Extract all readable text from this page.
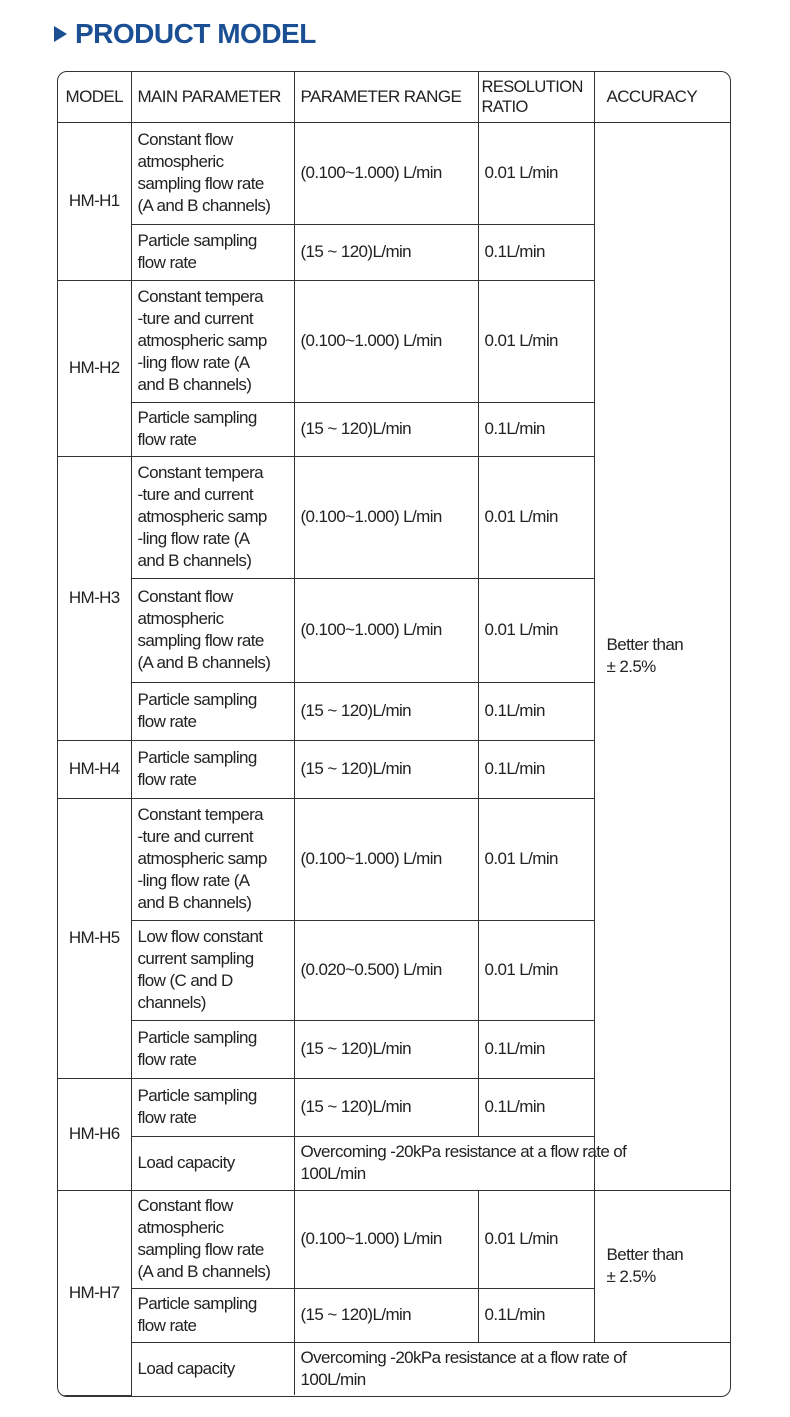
PRODUCT MODEL
MODEL	MAIN PARAMETER	PARAMETER RANGE	RESOLUTION
RATIO	ACCURACY
HM-H1	Constant flow
atmospheric
sampling flow rate
(A and B channels)	(0.100~1.000) L/min	0.01 L/min	Better than
± 2.5%
	Particle sampling
flow rate	(15 ~ 120)L/min	0.1L/min	
HM-H2	Constant tempera
-ture and current
atmospheric samp
-ling flow rate (A
and B channels)	(0.100~1.000) L/min	0.01 L/min	
	Particle sampling
flow rate	(15 ~ 120)L/min	0.1L/min	
HM-H3	Constant tempera
-ture and current
atmospheric samp
-ling flow rate (A
and B channels)	(0.100~1.000) L/min	0.01 L/min	
	Constant flow
atmospheric
sampling flow rate
(A and B channels)	(0.100~1.000) L/min	0.01 L/min	
	Particle sampling
flow rate	(15 ~ 120)L/min	0.1L/min	
HM-H4	Particle sampling
flow rate	(15 ~ 120)L/min	0.1L/min	
HM-H5	Constant tempera
-ture and current
atmospheric samp
-ling flow rate (A
and B channels)	(0.100~1.000) L/min	0.01 L/min	
	Low flow constant
current sampling
flow (C and D
channels)	(0.020~0.500) L/min	0.01 L/min	
	Particle sampling
flow rate	(15 ~ 120)L/min	0.1L/min	
HM-H6	Particle sampling
flow rate	(15 ~ 120)L/min	0.1L/min	
	Load capacity	Overcoming -20kPa resistance at a flow rate of
100L/min		
HM-H7	Constant flow
atmospheric
sampling flow rate
(A and B channels)	(0.100~1.000) L/min	0.01 L/min	Better than
± 2.5%
	Particle sampling
flow rate	(15 ~ 120)L/min	0.1L/min	
	Load capacity	Overcoming -20kPa resistance at a flow rate of
100L/min		
